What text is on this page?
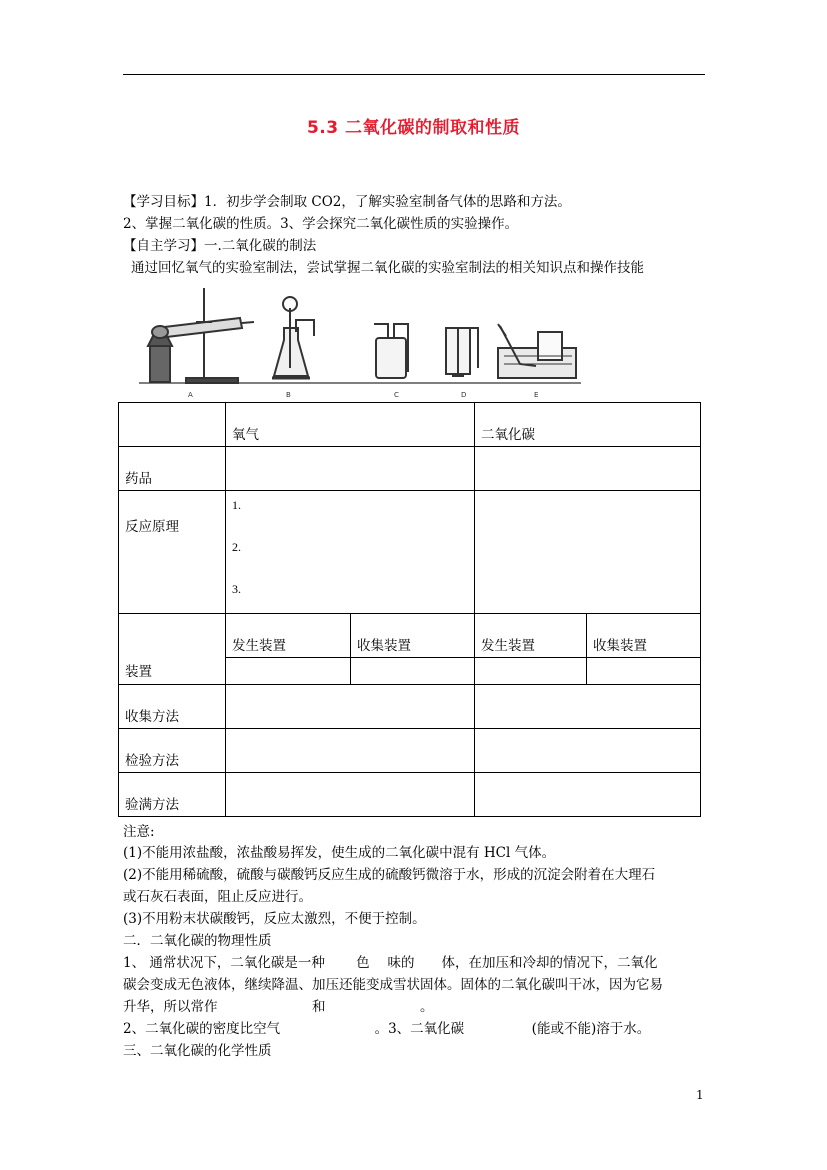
5.3 二氧化碳的制取和性质
【学习目标】1．初步学会制取 CO2，了解实验室制备气体的思路和方法。
2、掌握二氧化碳的性质。3、学会探究二氧化碳性质的实验操作。
【自主学习】一.二氧化碳的制法
通过回忆氧气的实验室制法，尝试掌握二氧化碳的实验室制法的相关知识点和操作技能
A	B	C	D	E
	氧气		二氧化碳	
药品				
反应原理	1.
2.
3.			

装置	发生装置	收集装置	发生装置	收集装置

收集方法				
检验方法				
验满方法				
注意:
(1)不能用浓盐酸，浓盐酸易挥发，使生成的二氧化碳中混有 HCl 气体。
(2)不能用稀硫酸，硫酸与碳酸钙反应生成的硫酸钙微溶于水，形成的沉淀会附着在大理石
或石灰石表面，阻止反应进行。
(3)不用粉末状碳酸钙，反应太激烈，不便于控制。
二．二氧化碳的物理性质
1、 通常状况下，二氧化碳是一种　　 色　 味的　　体，在加压和冷却的情况下，二氧化
碳会变成无色液体，继续降温、加压还能变成雪状固体。固体的二氧化碳叫干冰，因为它易
升华，所以常作　　　　　　　和　　　　　　　。
2、二氧化碳的密度比空气　　　　　　　。3、二氧化碳　　　　　(能或不能)溶于水。
三、二氧化碳的化学性质
1
